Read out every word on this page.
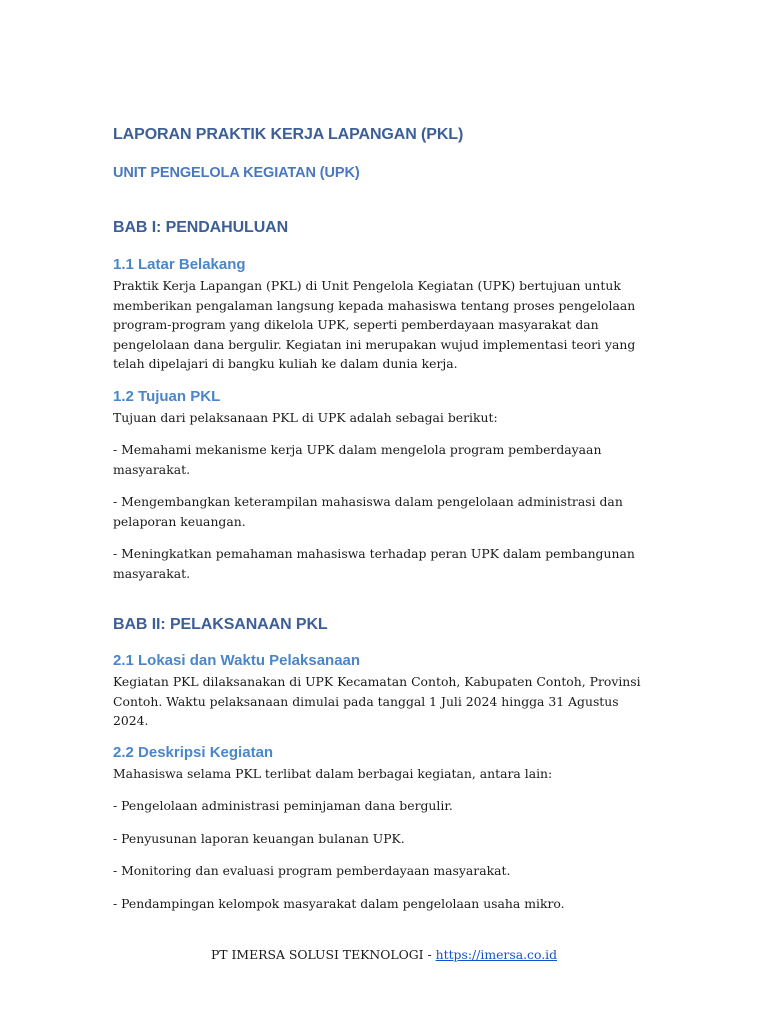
LAPORAN PRAKTIK KERJA LAPANGAN (PKL)
UNIT PENGELOLA KEGIATAN (UPK)
BAB I: PENDAHULUAN
1.1 Latar Belakang

Praktik Kerja Lapangan (PKL) di Unit Pengelola Kegiatan (UPK) bertujuan untuk memberikan pengalaman langsung kepada mahasiswa tentang proses pengelolaan program-program yang dikelola UPK, seperti pemberdayaan masyarakat dan pengelolaan dana bergulir. Kegiatan ini merupakan wujud implementasi teori yang telah dipelajari di bangku kuliah ke dalam dunia kerja.

1.2 Tujuan PKL

Tujuan dari pelaksanaan PKL di UPK adalah sebagai berikut:

- Memahami mekanisme kerja UPK dalam mengelola program pemberdayaan masyarakat.

- Mengembangkan keterampilan mahasiswa dalam pengelolaan administrasi dan pelaporan keuangan.

- Meningkatkan pemahaman mahasiswa terhadap peran UPK dalam pembangunan masyarakat.

BAB II: PELAKSANAAN PKL
2.1 Lokasi dan Waktu Pelaksanaan

Kegiatan PKL dilaksanakan di UPK Kecamatan Contoh, Kabupaten Contoh, Provinsi Contoh. Waktu pelaksanaan dimulai pada tanggal 1 Juli 2024 hingga 31 Agustus 2024.

2.2 Deskripsi Kegiatan

Mahasiswa selama PKL terlibat dalam berbagai kegiatan, antara lain:

- Pengelolaan administrasi peminjaman dana bergulir.

- Penyusunan laporan keuangan bulanan UPK.

- Monitoring dan evaluasi program pemberdayaan masyarakat.

- Pendampingan kelompok masyarakat dalam pengelolaan usaha mikro.

PT IMERSA SOLUSI TEKNOLOGI - https://imersa.co.id
